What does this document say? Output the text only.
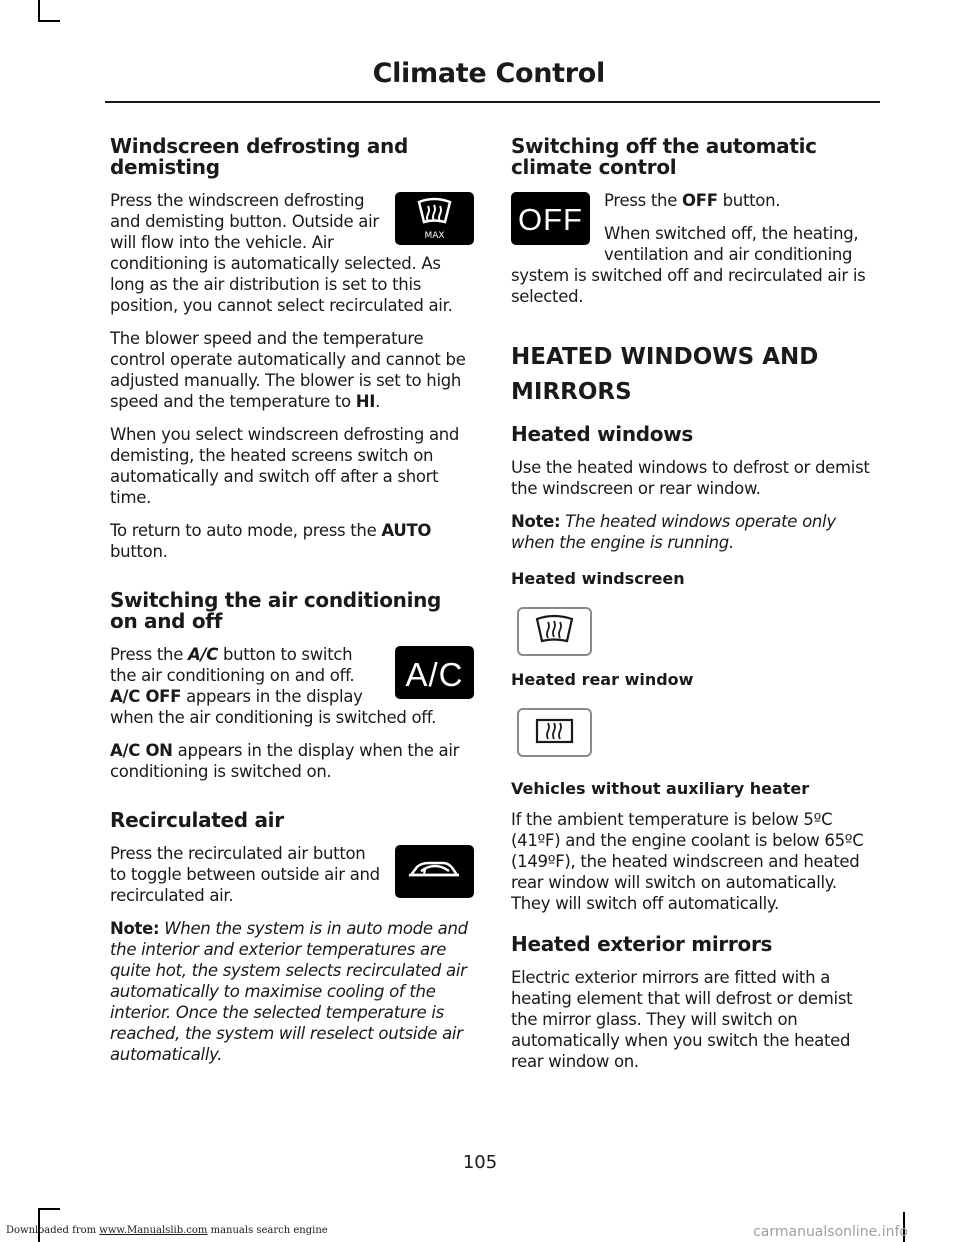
Climate Control
Windscreen defrosting and demisting
MAX

Press the windscreen defrosting and demisting button. Outside air will flow into the vehicle. Air conditioning is automatically selected. As long as the air distribution is set to this position, you cannot select recirculated air.

The blower speed and the temperature control operate automatically and cannot be adjusted manually. The blower is set to high speed and the temperature to HI.

When you select windscreen defrosting and demisting, the heated screens switch on automatically and switch off after a short time.

To return to auto mode, press the AUTO button.

Switching the air conditioning on and off
A/C

Press the A/C button to switch the air conditioning on and off. A/C OFF appears in the display when the air conditioning is switched off.

A/C ON appears in the display when the air conditioning is switched on.

Recirculated air

Press the recirculated air button to toggle between outside air and recirculated air.

Note: When the system is in auto mode and the interior and exterior temperatures are quite hot, the system selects recirculated air automatically to maximise cooling of the interior. Once the selected temperature is reached, the system will reselect outside air automatically.

Switching off the automatic climate control
OFF

Press the OFF button.

When switched off, the heating, ventilation and air conditioning system is switched off and recirculated air is selected.

HEATED WINDOWS AND
MIRRORS
Heated windows

Use the heated windows to defrost or demist the windscreen or rear window.

Note: The heated windows operate only when the engine is running.

Heated windscreen
Heated rear window
Vehicles without auxiliary heater

If the ambient temperature is below 5ºC (41ºF) and the engine coolant is below 65ºC (149ºF), the heated windscreen and heated rear window will switch on automatically. They will switch off automatically.

Heated exterior mirrors

Electric exterior mirrors are fitted with a heating element that will defrost or demist the mirror glass. They will switch on automatically when you switch the heated rear window on.

105
Downloaded from www.Manualslib.com manuals search engine	carmanualsonline.info
